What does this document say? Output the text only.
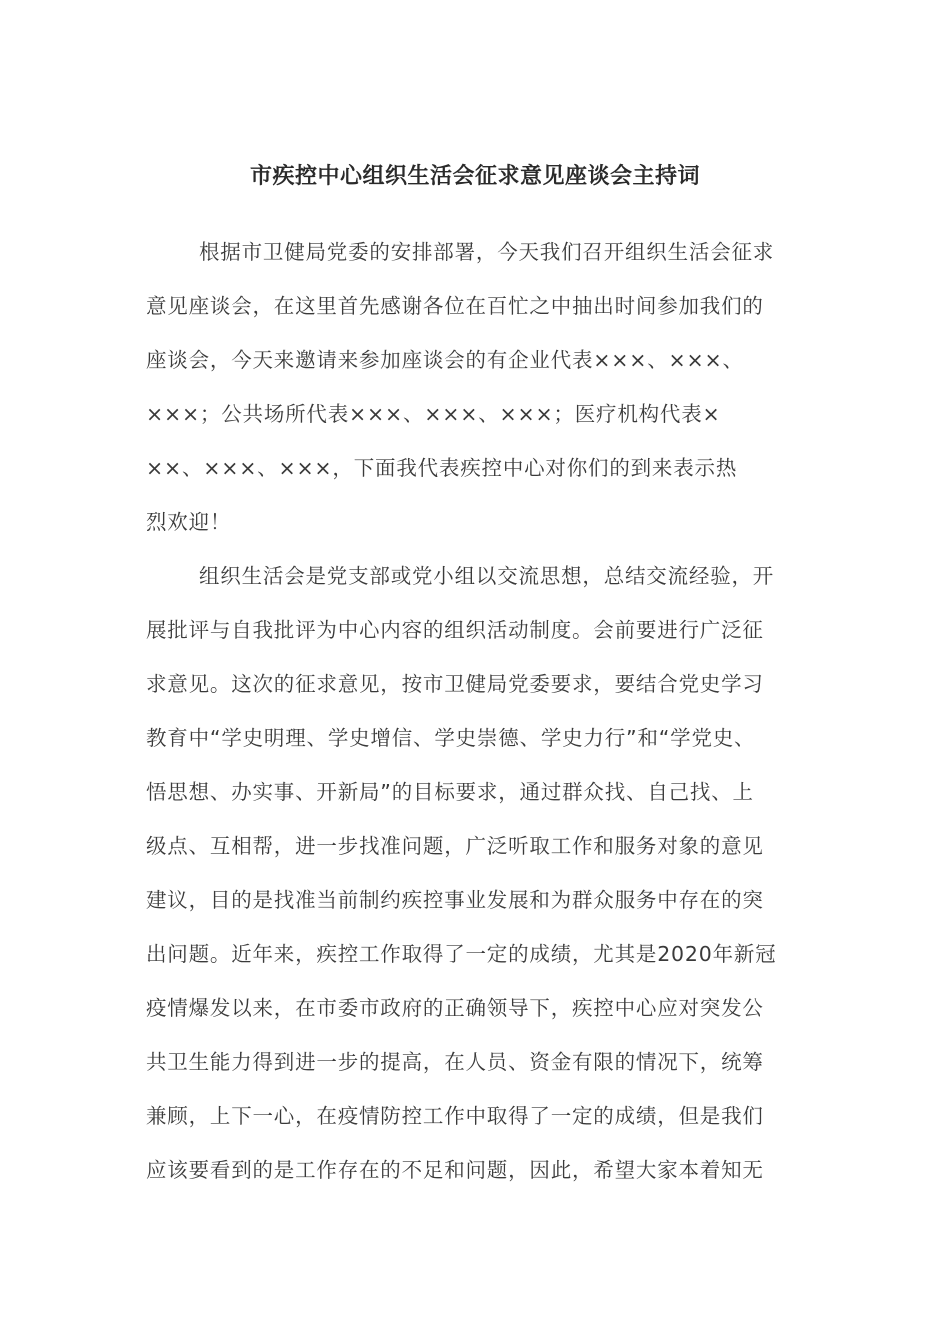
市疾控中心组织生活会征求意见座谈会主持词

根据市卫健局党委的安排部署，今天我们召开组织生活会征求
意见座谈会，在这里首先感谢各位在百忙之中抽出时间参加我们的
座谈会，今天来邀请来参加座谈会的有企业代表×××、×××、
×××；公共场所代表×××、×××、×××；医疗机构代表×
××、×××、×××，下面我代表疾控中心对你们的到来表示热
烈欢迎！

组织生活会是党支部或党小组以交流思想，总结交流经验，开
展批评与自我批评为中心内容的组织活动制度。会前要进行广泛征
求意见。这次的征求意见，按市卫健局党委要求，要结合党史学习
教育中“学史明理、学史增信、学史崇德、学史力行”和“学党史、
悟思想、办实事、开新局”的目标要求，通过群众找、自己找、上
级点、互相帮，进一步找准问题，广泛听取工作和服务对象的意见
建议，目的是找准当前制约疾控事业发展和为群众服务中存在的突
出问题。近年来，疾控工作取得了一定的成绩，尤其是2020年新冠
疫情爆发以来，在市委市政府的正确领导下，疾控中心应对突发公
共卫生能力得到进一步的提高，在人员、资金有限的情况下，统筹
兼顾，上下一心，在疫情防控工作中取得了一定的成绩，但是我们
应该要看到的是工作存在的不足和问题，因此，希望大家本着知无
